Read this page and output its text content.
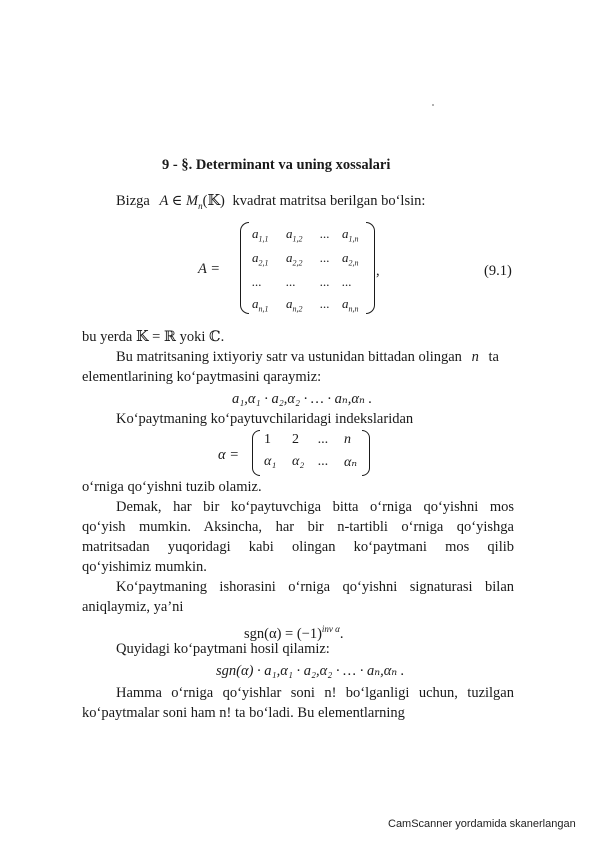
9 - §. Determinant va uning xossalari
Bizga A ∈ $M_n(𝕂)$ kvadrat matritsa berilgan bo‘lsin:
A =
$a_{1,1}$ $a_{1,2}$ ... $a_{1,n}$
$a_{2,1}$ $a_{2,2}$ ... $a_{2,n}$
... ... ... ...
$a_{n,1}$ $a_{n,2}$ ... $a_{n,n}$
,	(9.1)
bu yerda 𝕂 = ℝ yoki ℂ.
Bu matritsaning ixtiyoriy satr va ustunidan bittadan olingan n ta
elementlarining ko‘paytmasini qaraymiz:
a₁,α₁ · a₂,α₂ · … · aₙ,αₙ .
Ko‘paytmaning ko‘paytuvchilaridagi indekslaridan
α =
1 2 ... n
α₁ α₂ ... αₙ
o‘rniga qo‘yishni tuzib olamiz.
Demak, har bir ko‘paytuvchiga bitta o‘rniga qo‘yishni mos
qo‘yish mumkin. Aksincha, har bir n-tartibli o‘rniga qo‘yishga
matritsadan yuqoridagi kabi olingan ko‘paytmani mos qilib
qo‘yishimiz mumkin.
Ko‘paytmaning ishorasini o‘rniga qo‘yishni signaturasi bilan
aniqlaymiz, ya’ni
$sgn(\alpha) = (-1)^{inv \alpha}$.
Quyidagi ko‘paytmani hosil qilamiz:
sgn(α) · a₁,α₁ · a₂,α₂ · … · aₙ,αₙ .
Hamma o‘rniga qo‘yishlar soni n! bo‘lganligi uchun, tuzilgan
ko‘paytmalar soni ham n! ta bo‘ladi. Bu elementlarning
CamScanner yordamida skanerlangan
